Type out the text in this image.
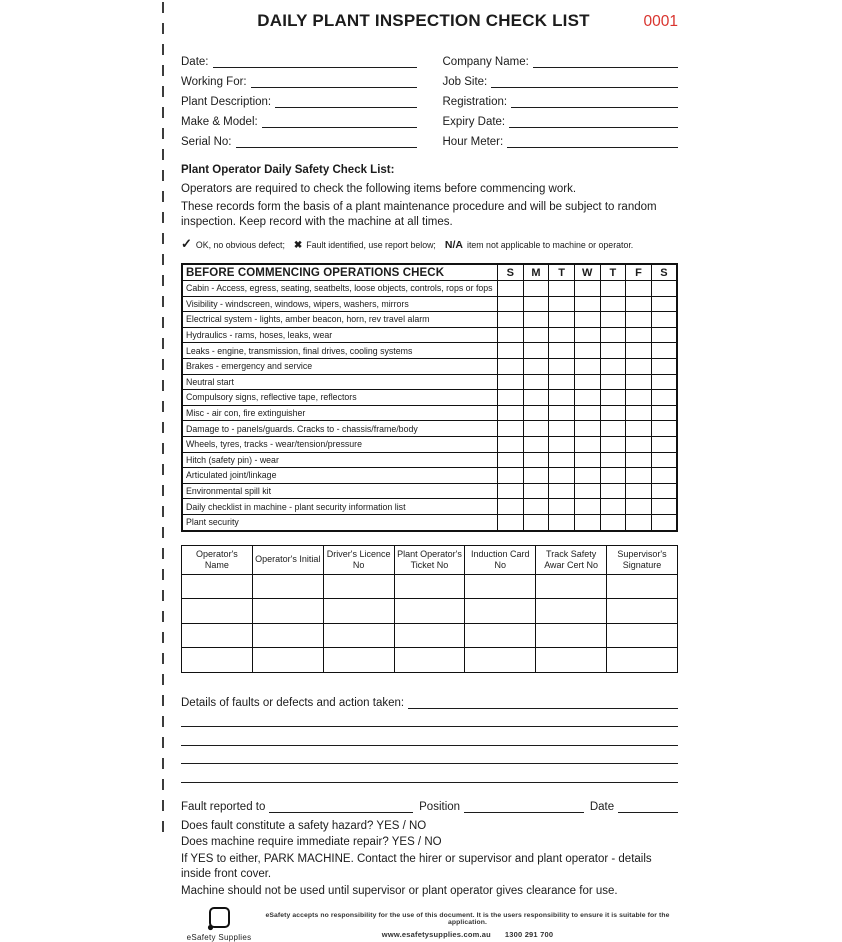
DAILY PLANT INSPECTION CHECK LIST	0001
Date:
Working For:
Plant Description:
Make & Model:
Serial No:
Company Name:
Job Site:
Registration:
Expiry Date:
Hour Meter:
Plant Operator Daily Safety Check List:
Operators are required to check the following items before commencing work.
These records form the basis of a plant maintenance procedure and will be subject to random inspection. Keep record with the machine at all times.
✓ OK, no obvious defect; ✖ Fault identified, use report below; N/A item not applicable to machine or operator.
BEFORE COMMENCING OPERATIONS CHECK	S	M	T	W	T	F	S
Cabin - Access, egress, seating, seatbelts, loose objects, controls, rops or fops							
Visibility - windscreen, windows, wipers, washers, mirrors							
Electrical system - lights, amber beacon, horn, rev travel alarm							
Hydraulics - rams, hoses, leaks, wear							
Leaks - engine, transmission, final drives, cooling systems							
Brakes - emergency and service							
Neutral start							
Compulsory signs, reflective tape, reflectors							
Misc - air con, fire extinguisher							
Damage to - panels/guards. Cracks to - chassis/frame/body							
Wheels, tyres, tracks - wear/tension/pressure							
Hitch (safety pin) - wear							
Articulated joint/linkage							
Environmental spill kit							
Daily checklist in machine - plant security information list							
Plant security							
Operator's Name	Operator's Initial	Driver's Licence No	Plant Operator's Ticket No	Induction Card No	Track Safety Awar Cert No	Supervisor's Signature

Details of faults or defects and action taken:
Fault reported to	Position	Date
Does fault constitute a safety hazard? YES / NO
Does machine require immediate repair? YES / NO
If YES to either, PARK MACHINE. Contact the hirer or supervisor and plant operator - details inside front cover.
Machine should not be used until supervisor or plant operator gives clearance for use.
eSafety Supplies
eSafety accepts no responsibility for the use of this document. It is the users responsibility to ensure it is suitable for the application.
www.esafetysupplies.com.au 1300 291 700
